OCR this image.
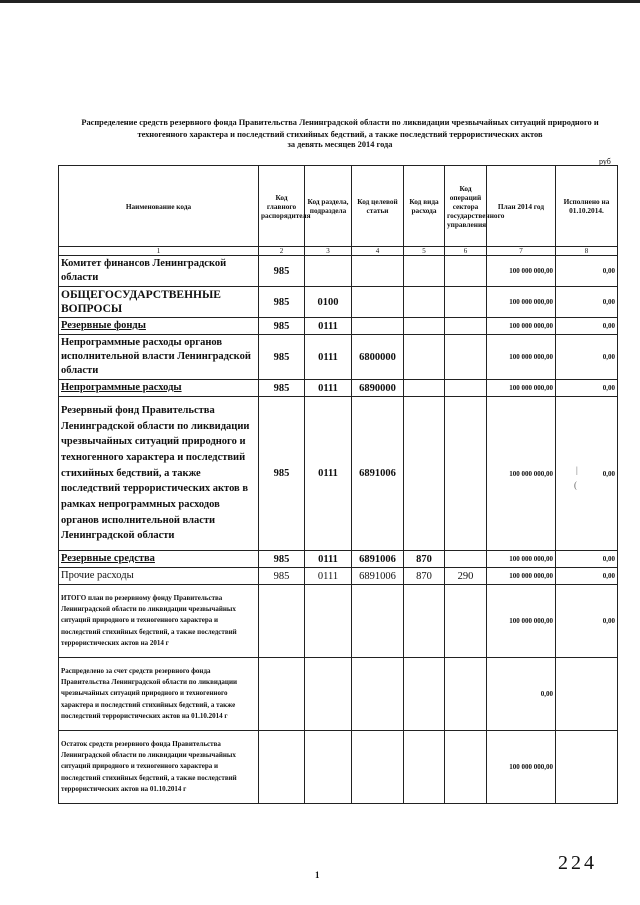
Распределение средств резервного фонда Правительства Ленинградской области по ликвидации чрезвычайных ситуаций природного и техногенного характера и последствий стихийных бедствий, а также последствий террористических актов
за девять месяцев 2014 года
руб
Наименование кода	Код главного распорядителя	Код раздела, подраздела	Код целевой статьи	Код вида расхода	Код операций сектора государственного управления	План 2014 год	Исполнено на 01.10.2014.
1	2	3	4	5	6	7	8
Комитет финансов Ленинградской области	985					100 000 000,00	0,00
ОБЩЕГОСУДАРСТВЕННЫЕ ВОПРОСЫ	985	0100				100 000 000,00	0,00
Резервные фонды	985	0111				100 000 000,00	0,00
Непрограммные расходы органов исполнительной власти Ленинградской области	985	0111	6800000			100 000 000,00	0,00
Непрограммные расходы	985	0111	6890000			100 000 000,00	0,00
Резервный фонд Правительства Ленинградской области по ликвидации чрезвычайных ситуаций природного и техногенного характера и последствий стихийных бедствий, а также последствий террористических актов в рамках непрограммных расходов органов исполнительной власти Ленинградской области	985	0111	6891006			100 000 000,00	0,00
Резервные средства	985	0111	6891006	870		100 000 000,00	0,00
Прочие расходы	985	0111	6891006	870	290	100 000 000,00	0,00
ИТОГО план по резервному фонду Правительства Ленинградской области по ликвидации чрезвычайных ситуаций природного и техногенного характера и последствий стихийных бедствий, а также последствий террористических актов на 2014 г						100 000 000,00	0,00
Распределено за счет средств резервного фонда Правительства Ленинградской области по ликвидации чрезвычайных ситуаций природного и техногенного характера и последствий стихийных бедствий, а также последствий террористических актов на 01.10.2014 г						0,00	
Остаток средств резервного фонда Правительства Ленинградской области по ликвидации чрезвычайных ситуаций природного и техногенного характера и последствий стихийных бедствий, а также последствий террористических актов на 01.10.2014 г						100 000 000,00	
|
(
1
224
